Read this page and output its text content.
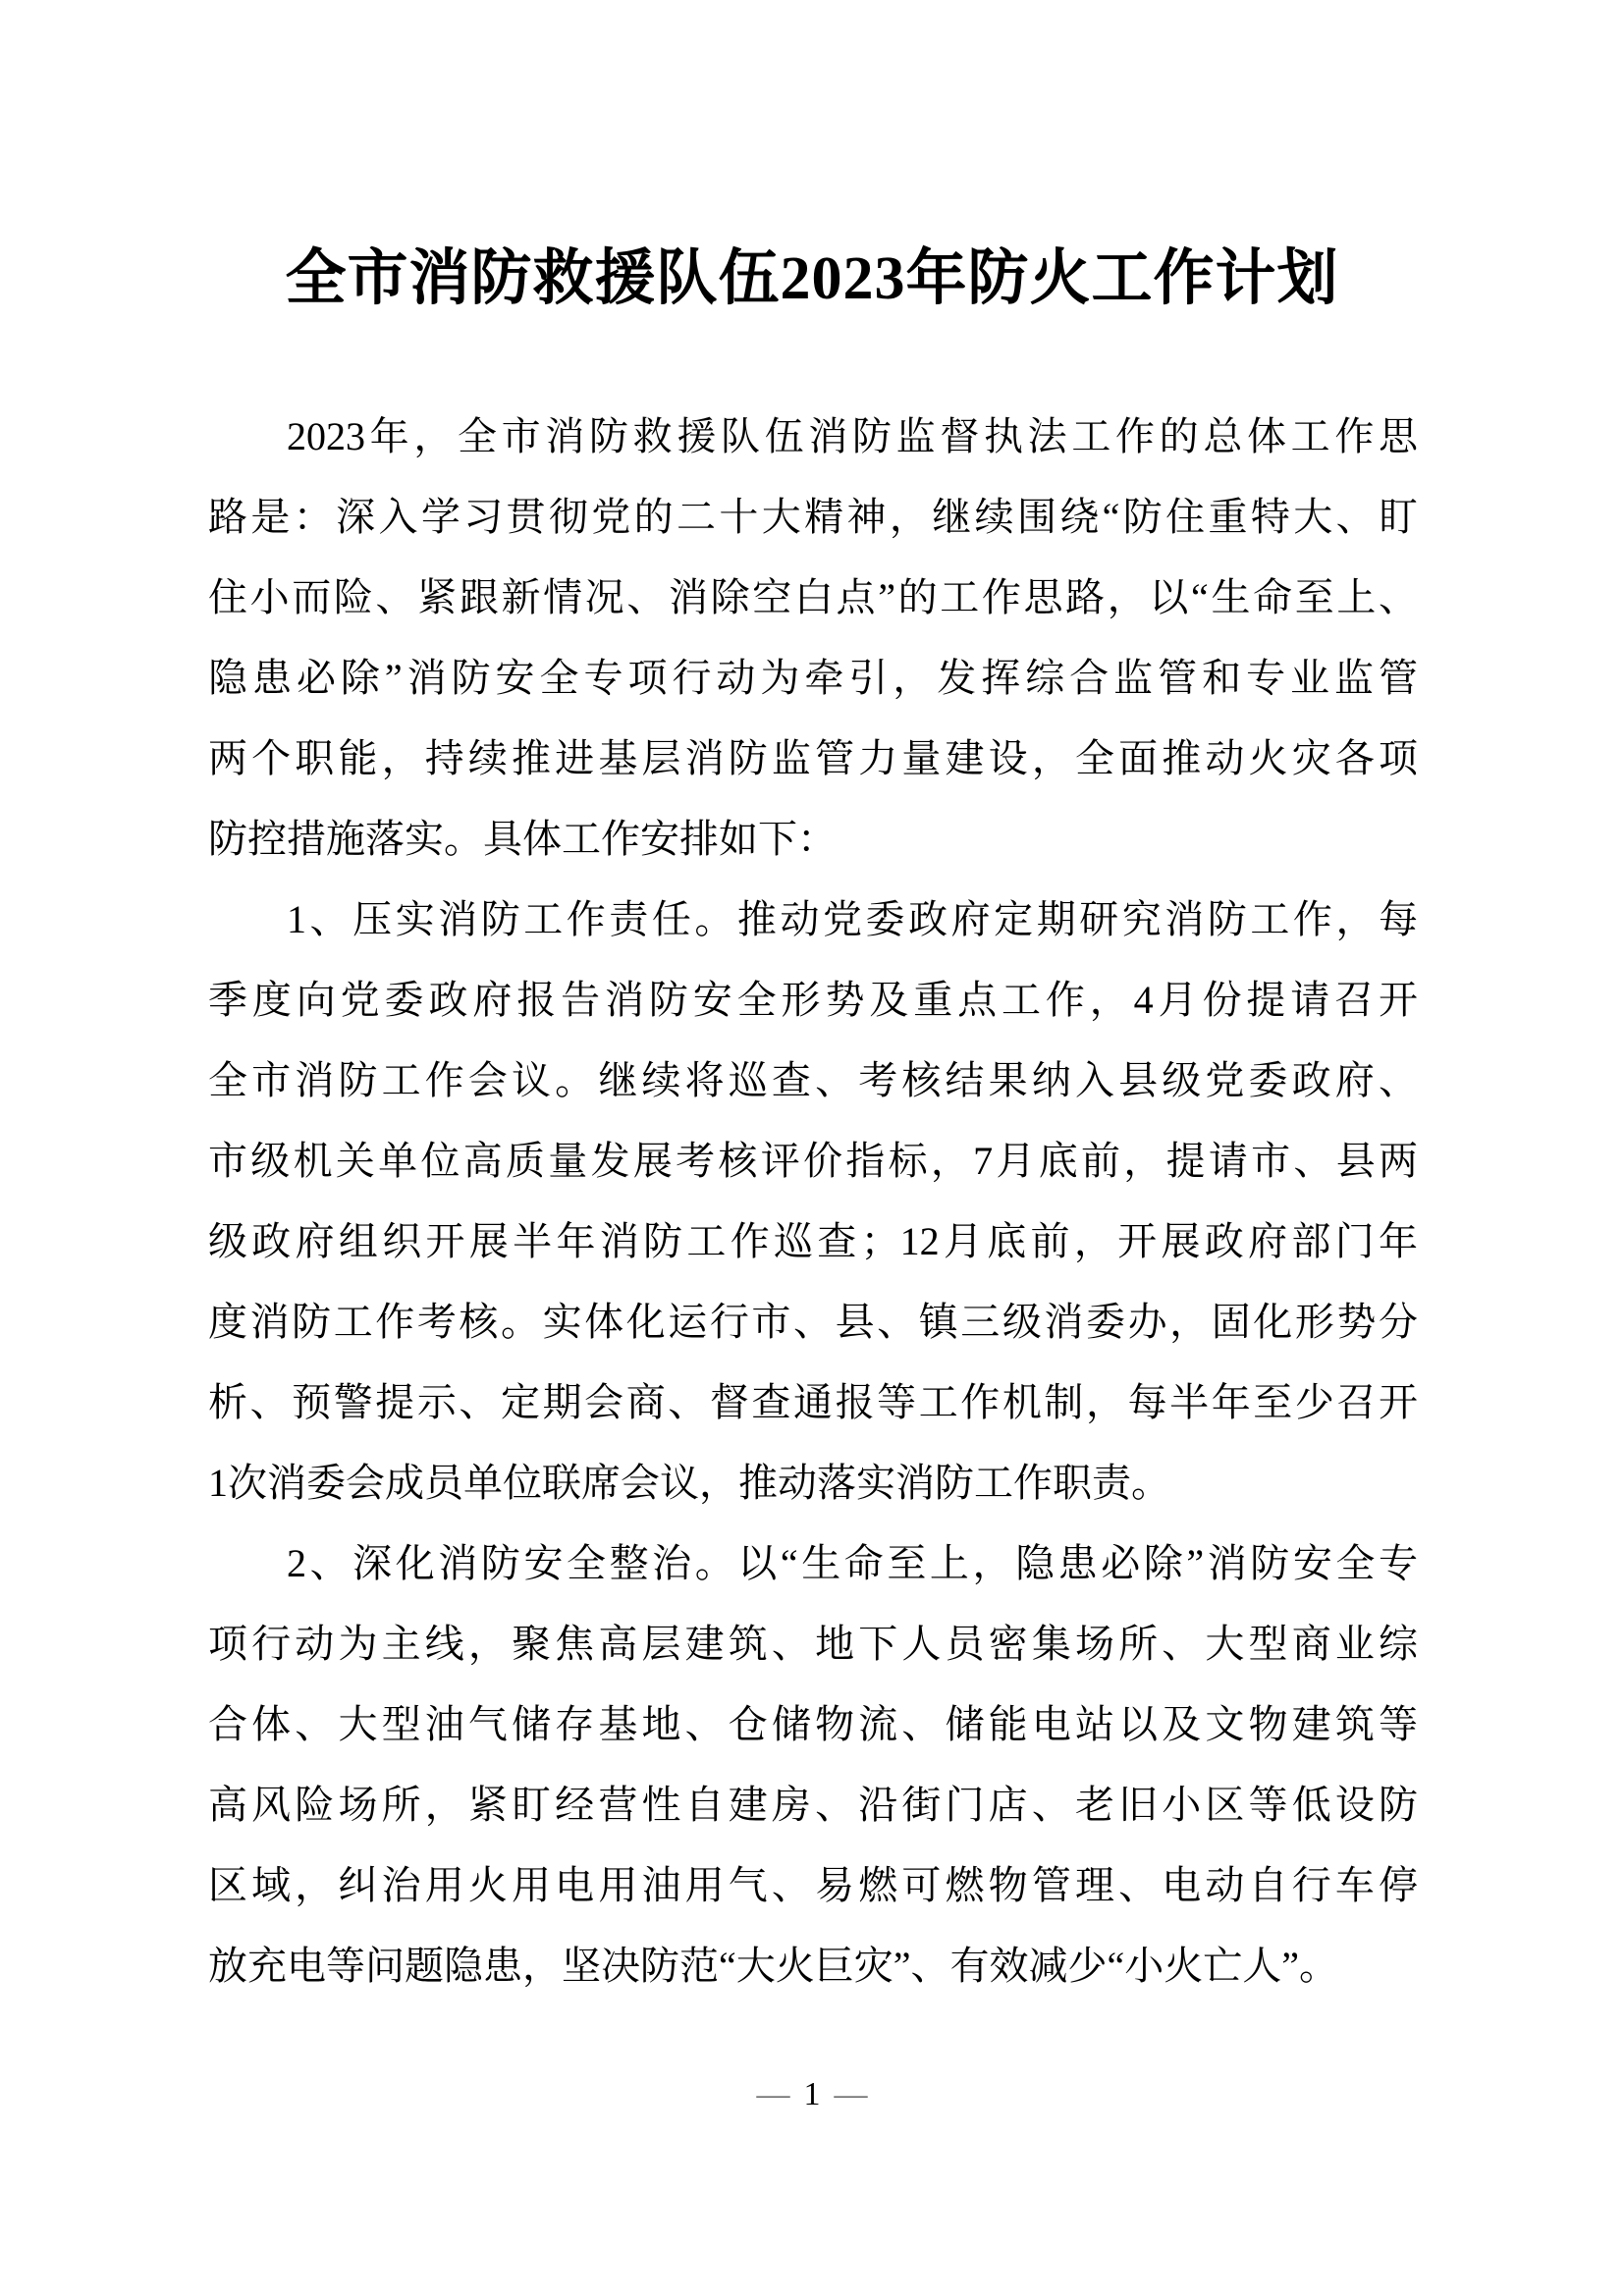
全市消防救援队伍2023年防火工作计划
2023年，全市消防救援队伍消防监督执法工作的总体工作思
路是：深入学习贯彻党的二十大精神，继续围绕“防住重特大、盯
住小而险、紧跟新情况、消除空白点”的工作思路，以“生命至上、
隐患必除”消防安全专项行动为牵引，发挥综合监管和专业监管
两个职能，持续推进基层消防监管力量建设，全面推动火灾各项
防控措施落实。具体工作安排如下：
1、压实消防工作责任。推动党委政府定期研究消防工作，每
季度向党委政府报告消防安全形势及重点工作，4月份提请召开
全市消防工作会议。继续将巡查、考核结果纳入县级党委政府、
市级机关单位高质量发展考核评价指标，7月底前，提请市、县两
级政府组织开展半年消防工作巡查；12月底前，开展政府部门年
度消防工作考核。实体化运行市、县、镇三级消委办，固化形势分
析、预警提示、定期会商、督查通报等工作机制，每半年至少召开
1次消委会成员单位联席会议，推动落实消防工作职责。
2、深化消防安全整治。以“生命至上，隐患必除”消防安全专
项行动为主线，聚焦高层建筑、地下人员密集场所、大型商业综
合体、大型油气储存基地、仓储物流、储能电站以及文物建筑等
高风险场所，紧盯经营性自建房、沿街门店、老旧小区等低设防
区域，纠治用火用电用油用气、易燃可燃物管理、电动自行车停
放充电等问题隐患，坚决防范“大火巨灾”、有效减少“小火亡人”。
— 1 —
